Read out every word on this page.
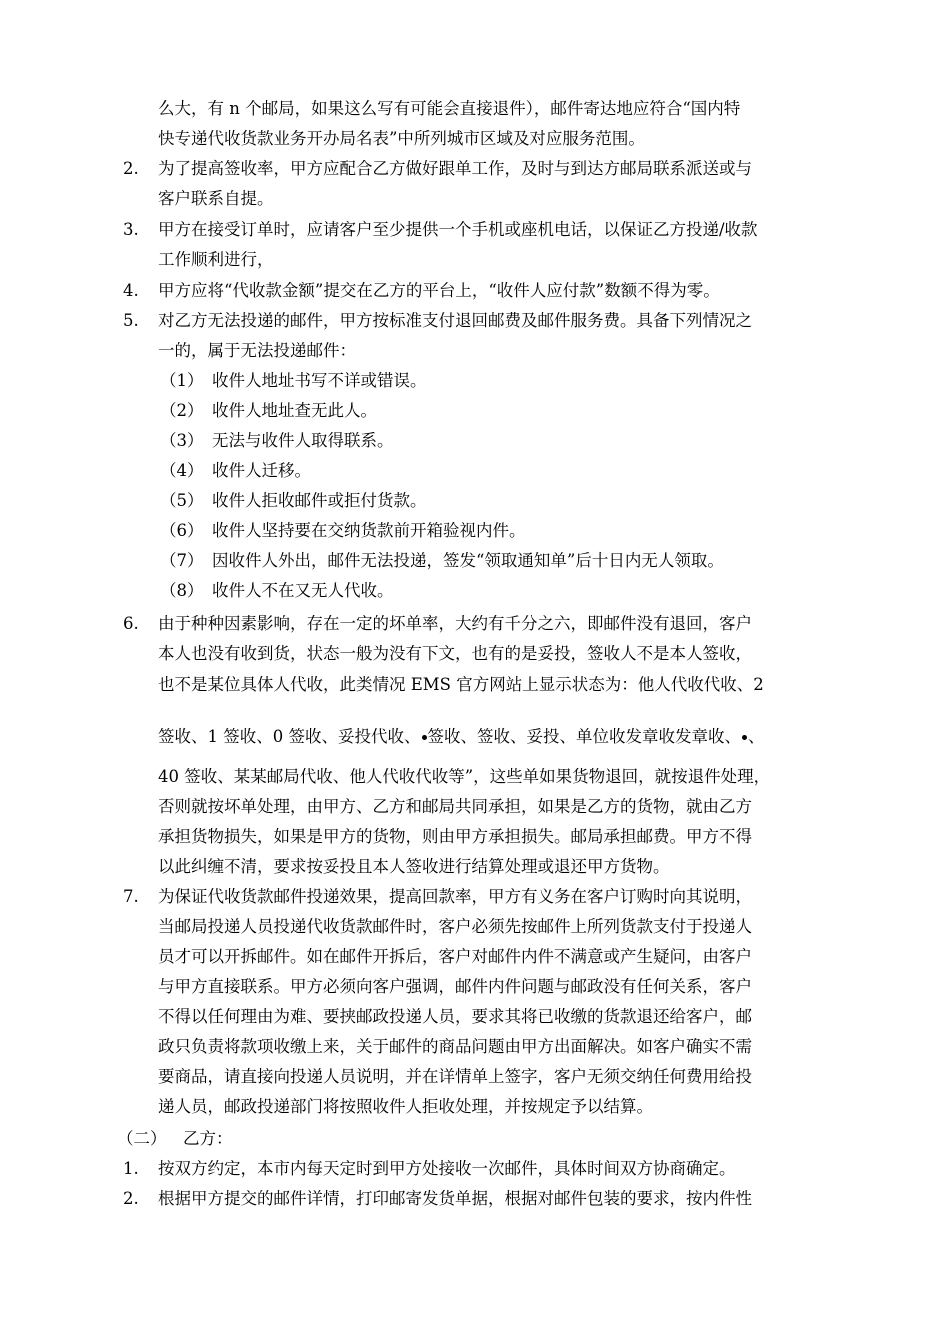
么大，有 n 个邮局，如果这么写有可能会直接退件），邮件寄达地应符合“国内特
快专递代收货款业务开办局名表”中所列城市区域及对应服务范围。
2. 为了提高签收率，甲方应配合乙方做好跟单工作，及时与到达方邮局联系派送或与
客户联系自提。
3. 甲方在接受订单时，应请客户至少提供一个手机或座机电话，以保证乙方投递/收款
工作顺利进行，
4. 甲方应将“代收款金额”提交在乙方的平台上，“收件人应付款”数额不得为零。
5. 对乙方无法投递的邮件，甲方按标准支付退回邮费及邮件服务费。具备下列情况之
一的，属于无法投递邮件：
（1） 收件人地址书写不详或错误。
（2） 收件人地址查无此人。
（3） 无法与收件人取得联系。
（4） 收件人迁移。
（5） 收件人拒收邮件或拒付货款。
（6） 收件人坚持要在交纳货款前开箱验视内件。
（7） 因收件人外出，邮件无法投递，签发“领取通知单”后十日内无人领取。
（8） 收件人不在又无人代收。
6. 由于种种因素影响，存在一定的坏单率，大约有千分之六，即邮件没有退回，客户
本人也没有收到货，状态一般为没有下文，也有的是妥投，签收人不是本人签收，
也不是某位具体人代收，此类情况 EMS 官方网站上显示状态为：他人代收代收、2
签收、1 签收、0 签收、妥投代收、 签收、签收、妥投、单位收发章收发章收、 、
40 签收、某某邮局代收、他人代收代收等”，这些单如果货物退回，就按退件处理，
否则就按坏单处理，由甲方、乙方和邮局共同承担，如果是乙方的货物，就由乙方
承担货物损失，如果是甲方的货物，则由甲方承担损失。邮局承担邮费。甲方不得
以此纠缠不清，要求按妥投且本人签收进行结算处理或退还甲方货物。
7. 为保证代收货款邮件投递效果，提高回款率，甲方有义务在客户订购时向其说明，
当邮局投递人员投递代收货款邮件时，客户必须先按邮件上所列货款支付于投递人
员才可以开拆邮件。如在邮件开拆后，客户对邮件内件不满意或产生疑问，由客户
与甲方直接联系。甲方必须向客户强调，邮件内件问题与邮政没有任何关系，客户
不得以任何理由为难、要挟邮政投递人员，要求其将已收缴的货款退还给客户，邮
政只负责将款项收缴上来，关于邮件的商品问题由甲方出面解决。如客户确实不需
要商品，请直接向投递人员说明，并在详情单上签字，客户无须交纳任何费用给投
递人员，邮政投递部门将按照收件人拒收处理，并按规定予以结算。
（二） 乙方：
1. 按双方约定，本市内每天定时到甲方处接收一次邮件，具体时间双方协商确定。
2. 根据甲方提交的邮件详情，打印邮寄发货单据，根据对邮件包装的要求，按内件性
